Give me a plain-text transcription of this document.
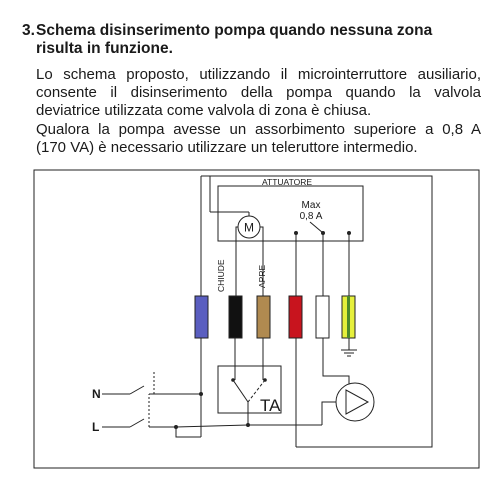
3.Schema disinserimento pompa quando nessuna zona
risulta in funzione.
Lo schema proposto, utilizzando il microinterruttore ausiliario,
consente il disinserimento della pompa quando la valvola
deviatrice utilizzata come valvola di zona è chiusa.
Qualora la pompa avesse un assorbimento superiore a 0,8 A
(170 VA) è necessario utilizzare un teleruttore intermedio.
ATTUATORE
M
Max
0,8 A
CHIUDE	APRE
TA
N
L
